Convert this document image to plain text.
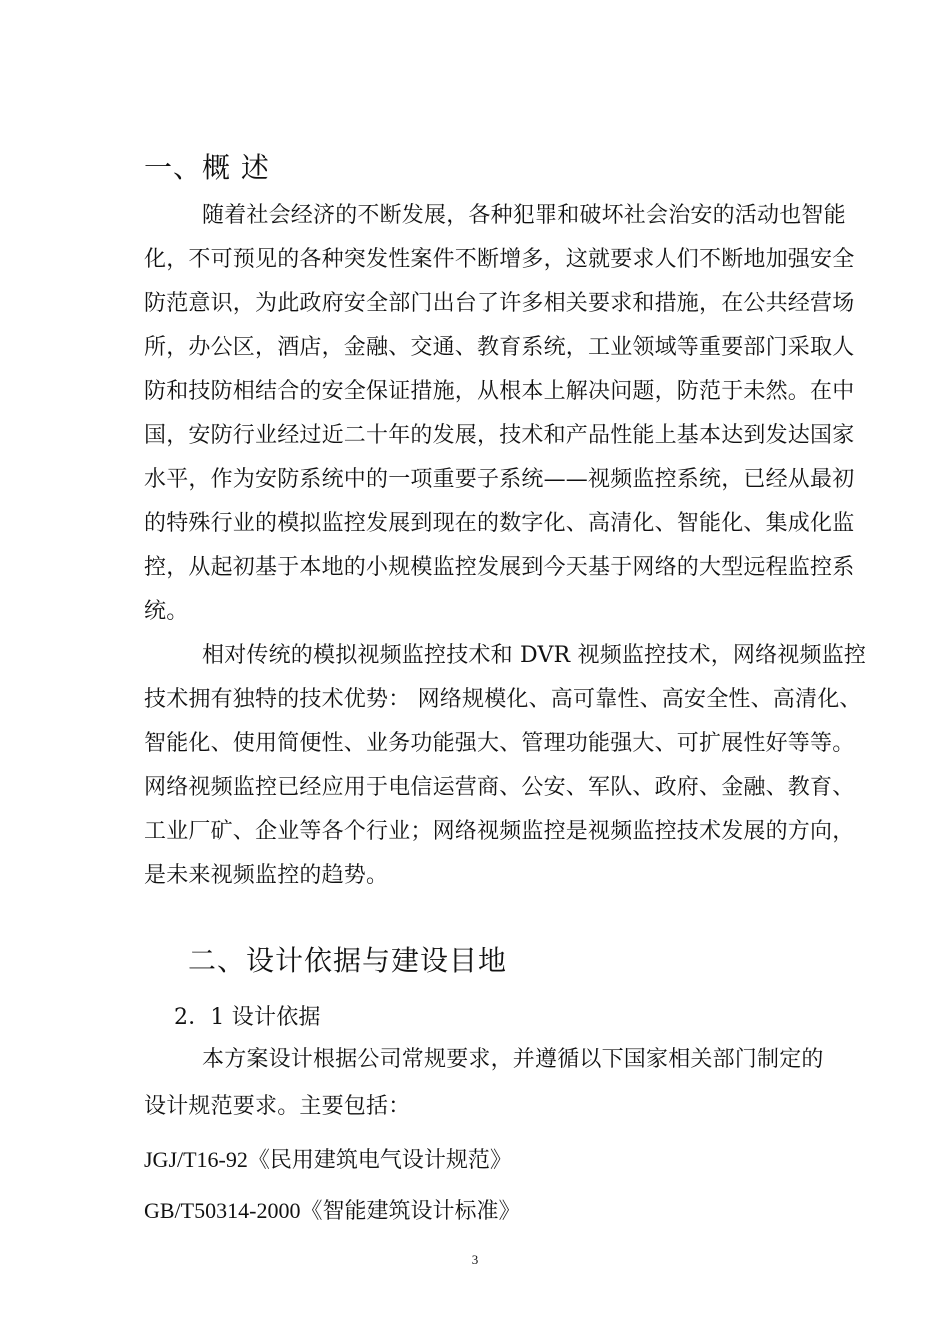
一、概 述
随着社会经济的不断发展，各种犯罪和破坏社会治安的活动也智能
化，不可预见的各种突发性案件不断增多，这就要求人们不断地加强安全
防范意识，为此政府安全部门出台了许多相关要求和措施，在公共经营场
所，办公区，酒店，金融、交通、教育系统，工业领域等重要部门采取人
防和技防相结合的安全保证措施，从根本上解决问题，防范于未然。在中
国，安防行业经过近二十年的发展，技术和产品性能上基本达到发达国家
水平，作为安防系统中的一项重要子系统——视频监控系统，已经从最初
的特殊行业的模拟监控发展到现在的数字化、高清化、智能化、集成化监
控，从起初基于本地的小规模监控发展到今天基于网络的大型远程监控系
统。
相对传统的模拟视频监控技术和 DVR 视频监控技术，网络视频监控
技术拥有独特的技术优势： 网络规模化、高可靠性、高安全性、高清化、
智能化、使用简便性、业务功能强大、管理功能强大、可扩展性好等等。
网络视频监控已经应用于电信运营商、公安、军队、政府、金融、教育、
工业厂矿、企业等各个行业；网络视频监控是视频监控技术发展的方向，
是未来视频监控的趋势。
二、设计依据与建设目地
2．1 设计依据
本方案设计根据公司常规要求，并遵循以下国家相关部门制定的
设计规范要求。主要包括：
JGJ/T16-92《民用建筑电气设计规范》
GB/T50314-2000《智能建筑设计标准》
3
